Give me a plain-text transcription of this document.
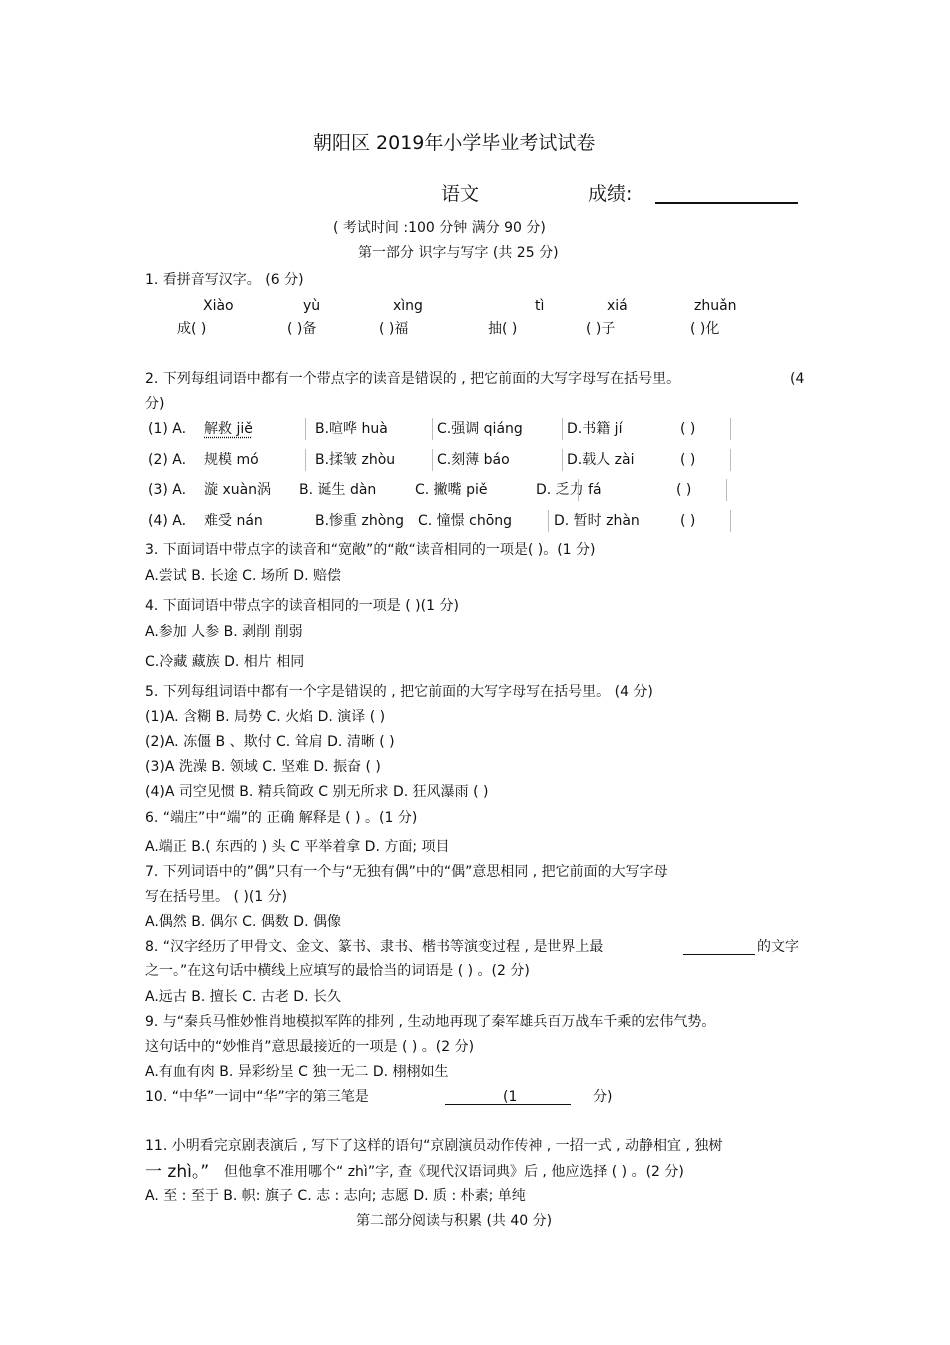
朝阳区 2019年小学毕业考试试卷
语文	成绩:
( 考试时间 :100 分钟 满分 90 分)
第一部分 识字与写字 (共 25 分)
1. 看拼音写汉字。 (6 分)
Xiào	yù	xìng	tì	xiá	zhuǎn
成( )	( )备	( )福	抽( )	( )子	( )化
2. 下列每组词语中都有一个带点字的读音是错误的 , 把它前面的大写字母写在括号里。	(4
分)
(1) A. 解救 jiě	B.喧哗 huà	C.强调 qiáng	D.书籍 jí	( )
(2) A. 规模 mó	B.揉皱 zhòu	C.刻薄 báo	D.载人 zài	( )
(3) A. 漩 xuàn涡 B. 诞生 dàn	C. 撇嘴 piě	D. 乏力 fá	( )
(4) A. 难受 nán	B.惨重 zhòng C. 憧憬 chōng	D. 暂时 zhàn	( )
3. 下面词语中带点字的读音和“宽敞”的“敞“读音相同的一项是( )。(1 分)
A.尝试 B. 长途 C. 场所 D. 赔偿
4. 下面词语中带点字的读音相同的一项是 ( )(1 分)
A.参加 人参 B. 剥削 削弱
C.冷藏 藏族 D. 相片 相同
5. 下列每组词语中都有一个字是错误的 , 把它前面的大写字母写在括号里。 (4 分)
(1)A. 含糊 B. 局势 C. 火焰 D. 演译 ( )
(2)A. 冻僵 B 、欺付 C. 耸肩 D. 清晰 ( )
(3)A 洗澡 B. 领域 C. 坚难 D. 振奋 ( )
(4)A 司空见惯 B. 精兵简政 C 别无所求 D. 狂风瀑雨 ( )
6. “端庄”中“端”的 正确 解释是 ( ) 。(1 分)
A.端正 B.( 东西的 ) 头 C 平举着拿 D. 方面; 项目
7. 下列词语中的”偶”只有一个与“无独有偶”中的“偶”意思相同 , 把它前面的大写字母
写在括号里。 ( )(1 分)
A.偶然 B. 偶尔 C. 偶数 D. 偶像
8. “汉字经历了甲骨文、金文、篆书、隶书、楷书等演变过程 , 是世界上最	的文字
之一。”在这句话中横线上应填写的最恰当的词语是 ( ) 。(2 分)
A.远古 B. 擅长 C. 古老 D. 长久
9. 与“秦兵马惟妙惟肖地模拟军阵的排列 , 生动地再现了秦军雄兵百万战车千乘的宏伟气势。
这句话中的“妙惟肖”意思最接近的一项是 ( ) 。(2 分)
A.有血有肉 B. 异彩纷呈 C 独一无二 D. 栩栩如生
10. “中华”一词中“华”字的第三笔是	(1	分)
11. 小明看完京剧表演后 , 写下了这样的语句“京剧演员动作传神 , 一招一式 , 动静相宜 , 独树
一 zhì。” 但他拿不准用哪个“ zhì”字, 查《现代汉语词典》后 , 他应选择 ( ) 。(2 分)
A. 至 : 至于 B. 帜: 旗子 C. 志 : 志向; 志愿 D. 质 : 朴素; 单纯
第二部分阅读与积累 (共 40 分)
